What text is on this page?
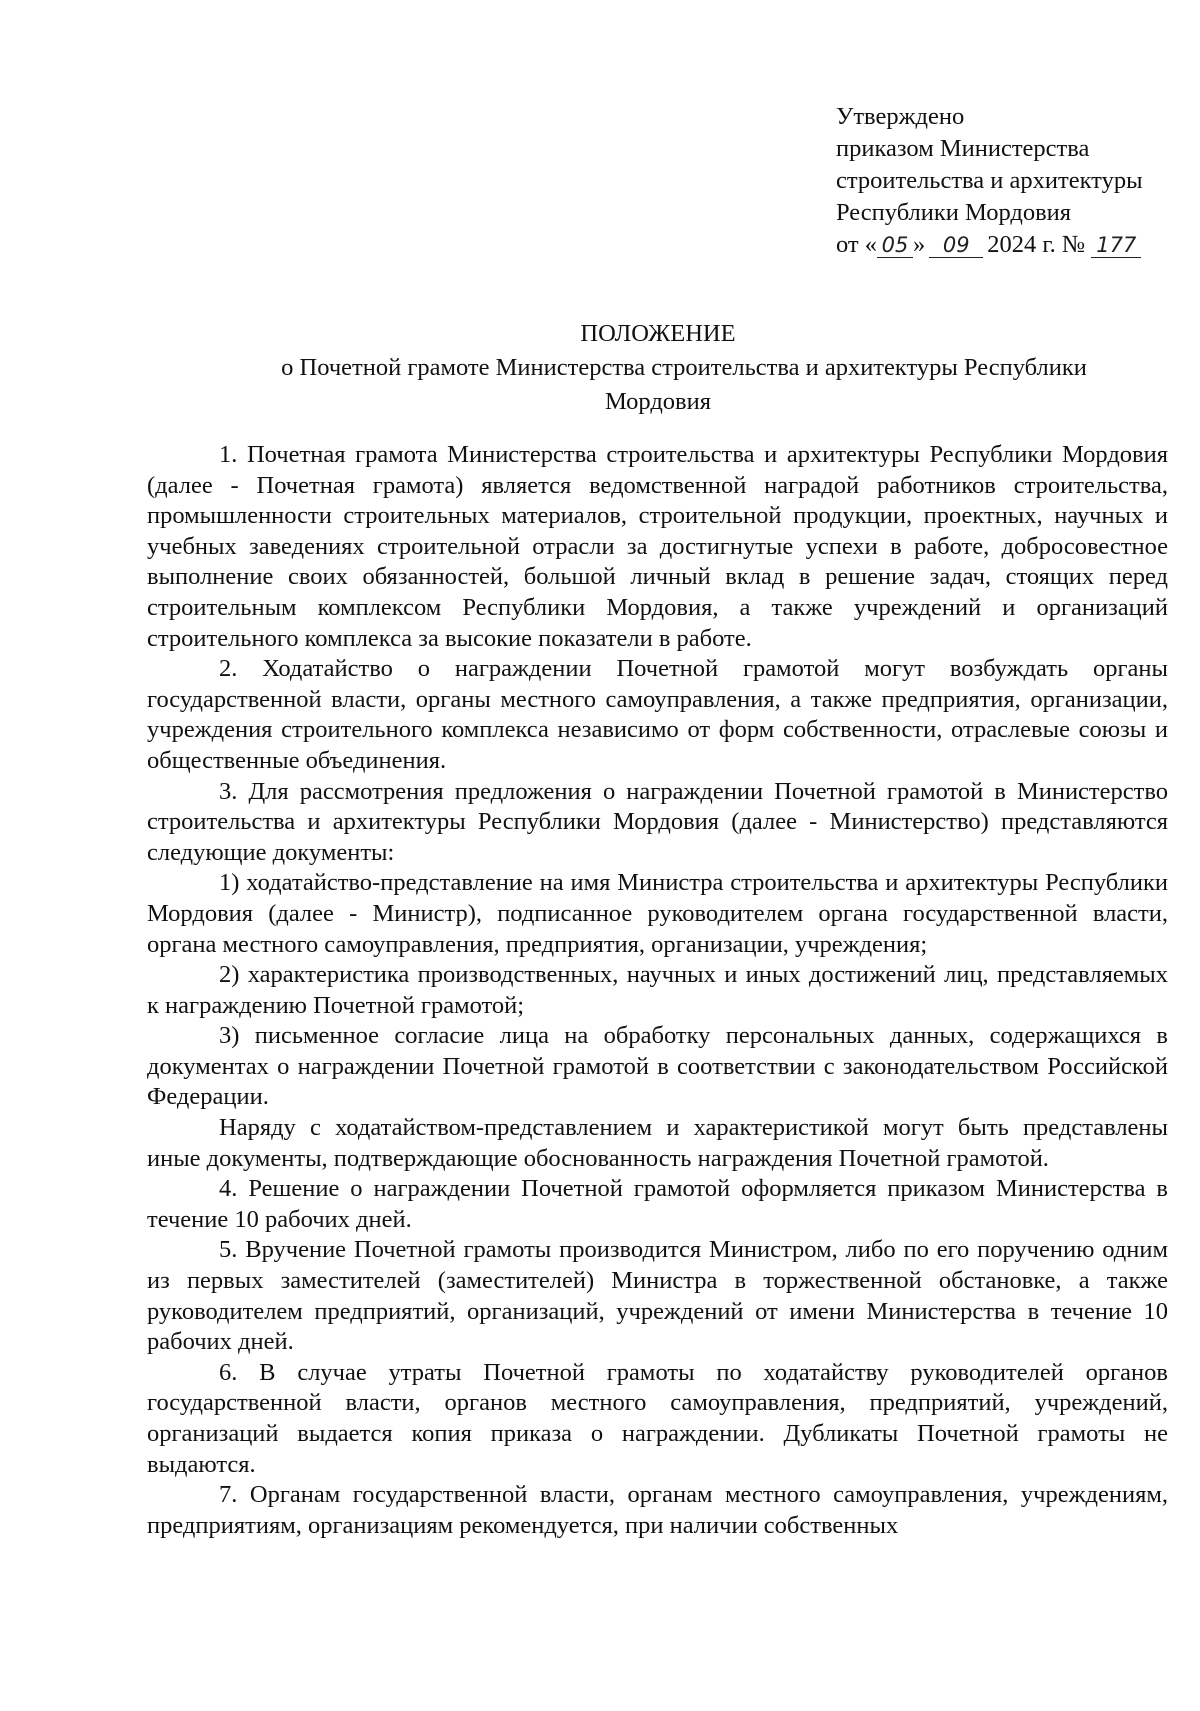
Утверждено
приказом Министерства
строительства и архитектуры
Республики Мордовия
от « 05 » 09 2024 г. № 177
ПОЛОЖЕНИЕ
о Почетной грамоте Министерства строительства и архитектуры Республики
Мордовия

1. Почетная грамота Министерства строительства и архитектуры Республики Мордовия (далее - Почетная грамота) является ведомственной наградой работников строительства, промышленности строительных материалов, строительной продукции, проектных, научных и учебных заведениях строительной отрасли за достигнутые успехи в работе, добросовестное выполнение своих обязанностей, большой личный вклад в решение задач, стоящих перед строительным комплексом Республики Мордовия, а также учреждений и организаций строительного комплекса за высокие показатели в работе.

2. Ходатайство о награждении Почетной грамотой могут возбуждать органы государственной власти, органы местного самоуправления, а также предприятия, организации, учреждения строительного комплекса независимо от форм собственности, отраслевые союзы и общественные объединения.

3. Для рассмотрения предложения о награждении Почетной грамотой в Министерство строительства и архитектуры Республики Мордовия (далее - Министерство) представляются следующие документы:

1) ходатайство-представление на имя Министра строительства и архитектуры Республики Мордовия (далее - Министр), подписанное руководителем органа государственной власти, органа местного самоуправления, предприятия, организации, учреждения;

2) характеристика производственных, научных и иных достижений лиц, представляемых к награждению Почетной грамотой;

3) письменное согласие лица на обработку персональных данных, содержащихся в документах о награждении Почетной грамотой в соответствии с законодательством Российской Федерации.

Наряду с ходатайством-представлением и характеристикой могут быть представлены иные документы, подтверждающие обоснованность награждения Почетной грамотой.

4. Решение о награждении Почетной грамотой оформляется приказом Министерства в течение 10 рабочих дней.

5. Вручение Почетной грамоты производится Министром, либо по его поручению одним из первых заместителей (заместителей) Министра в торжественной обстановке, а также руководителем предприятий, организаций, учреждений от имени Министерства в течение 10 рабочих дней.

6. В случае утраты Почетной грамоты по ходатайству руководителей органов государственной власти, органов местного самоуправления, предприятий, учреждений, организаций выдается копия приказа о награждении. Дубликаты Почетной грамоты не выдаются.

7. Органам государственной власти, органам местного самоуправления, учреждениям, предприятиям, организациям рекомендуется, при наличии собственных
